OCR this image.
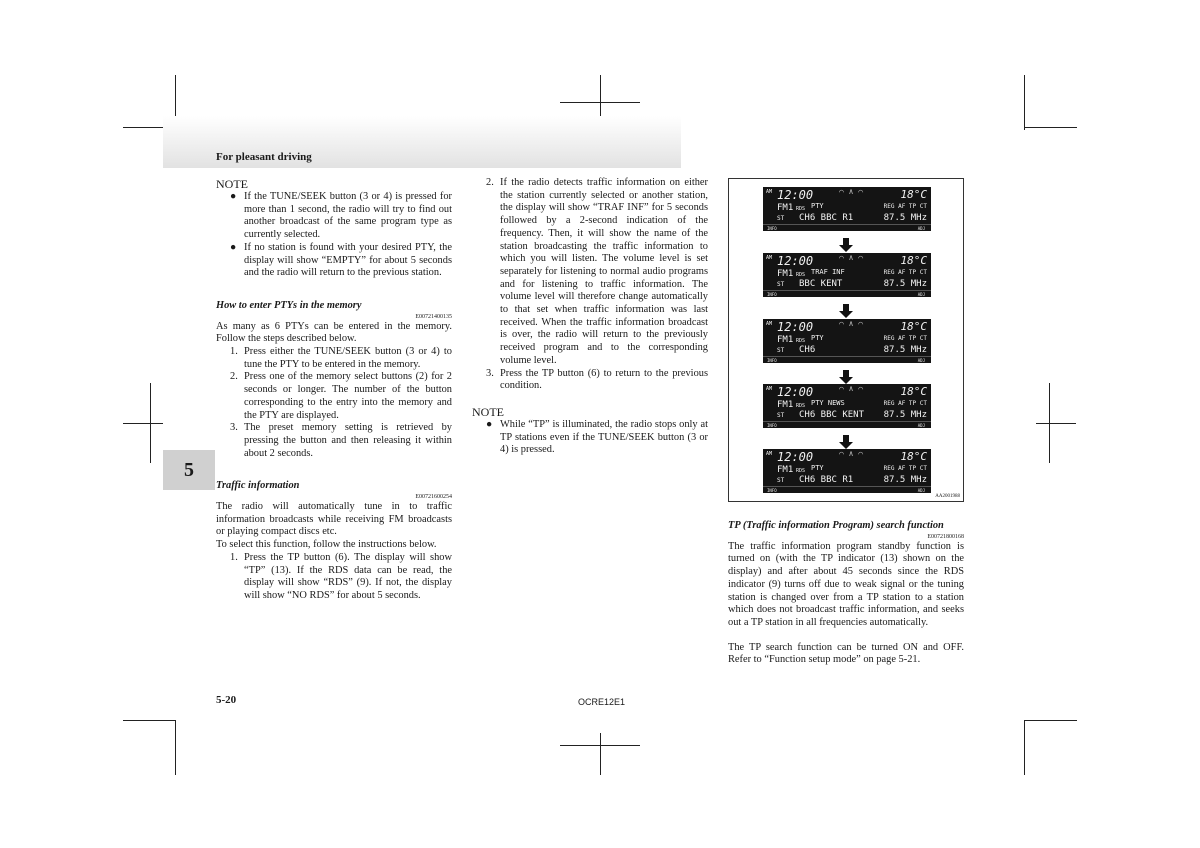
For pleasant driving
5

NOTE

● If the TUNE/SEEK button (3 or 4) is pressed for more than 1 second, the radio will try to find out another broadcast of the same program type as currently selected.
● If no station is found with your desired PTY, the display will show “EMPTY” for about 5 seconds and the radio will return to the previous station.

How to enter PTYs in the memory

E00721400135

As many as 6 PTYs can be entered in the memory. Follow the steps described below.

1. Press either the TUNE/SEEK button (3 or 4) to tune the PTY to be entered in the memory.
2. Press one of the memory select buttons (2) for 2 seconds or longer. The number of the button corresponding to the entry into the memory and the PTY are displayed.
3. The preset memory setting is retrieved by pressing the button and then releasing it within about 2 seconds.

Traffic information

E00721600254

The radio will automatically tune in to traffic information broadcasts while receiving FM broadcasts or playing compact discs etc.

To select this function, follow the instructions below.

1. Press the TP button (6). The display will show “TP” (13). If the RDS data can be read, the display will show “RDS” (9). If not, the display will show “NO RDS” for about 5 seconds.
2. If the radio detects traffic information on either the station currently selected or another station, the display will show “TRAF INF” for 5 seconds followed by a 2-second indication of the frequency. Then, it will show the name of the station broadcasting the traffic information to which you will listen. The volume level is set separately for listening to normal audio programs and for listening to traffic information. The volume level will therefore change automatically to that set when traffic information was last received. When the traffic information broadcast is over, the radio will return to the previously received program and to the corresponding volume level.
3. Press the TP button (6) to return to the previous condition.

NOTE

● While “TP” is illuminated, the radio stops only at TP stations even if the TUNE/SEEK button (3 or 4) is pressed.
AM 12:00	18°C
FM1	PTY	REG AF TP CT
ST CH6 BBC R1	87.5 MHz
INFO	ADJ
RDS
⌒ ∧ ⌒
AM 12:00	18°C
FM1	TRAF INF	REG AF TP CT
ST BBC KENT	87.5 MHz
INFO	ADJ
RDS
⌒ ∧ ⌒
AM 12:00	18°C
FM1	PTY	REG AF TP CT
ST CH6	87.5 MHz
INFO	ADJ
RDS
⌒ ∧ ⌒
AM 12:00	18°C
FM1	PTY NEWS	REG AF TP CT
ST CH6 BBC KENT 87.5 MHz
INFO	ADJ
RDS
⌒ ∧ ⌒
AM 12:00	18°C
FM1	PTY	REG AF TP CT
ST CH6 BBC R1	87.5 MHz
INFO	ADJ
RDS
⌒ ∧ ⌒
AA2001988

TP (Traffic information Program) search function

E00721800168

The traffic information program standby function is turned on (with the TP indicator (13) shown on the display) and after about 45 seconds since the RDS indicator (9) turns off due to weak signal or the tuning station is changed over from a TP station to a station which does not broadcast traffic information, and seeks out a TP station in all frequencies automatically.

The TP search function can be turned ON and OFF. Refer to “Function setup mode” on page 5-21.

5-20	OCRE12E1
